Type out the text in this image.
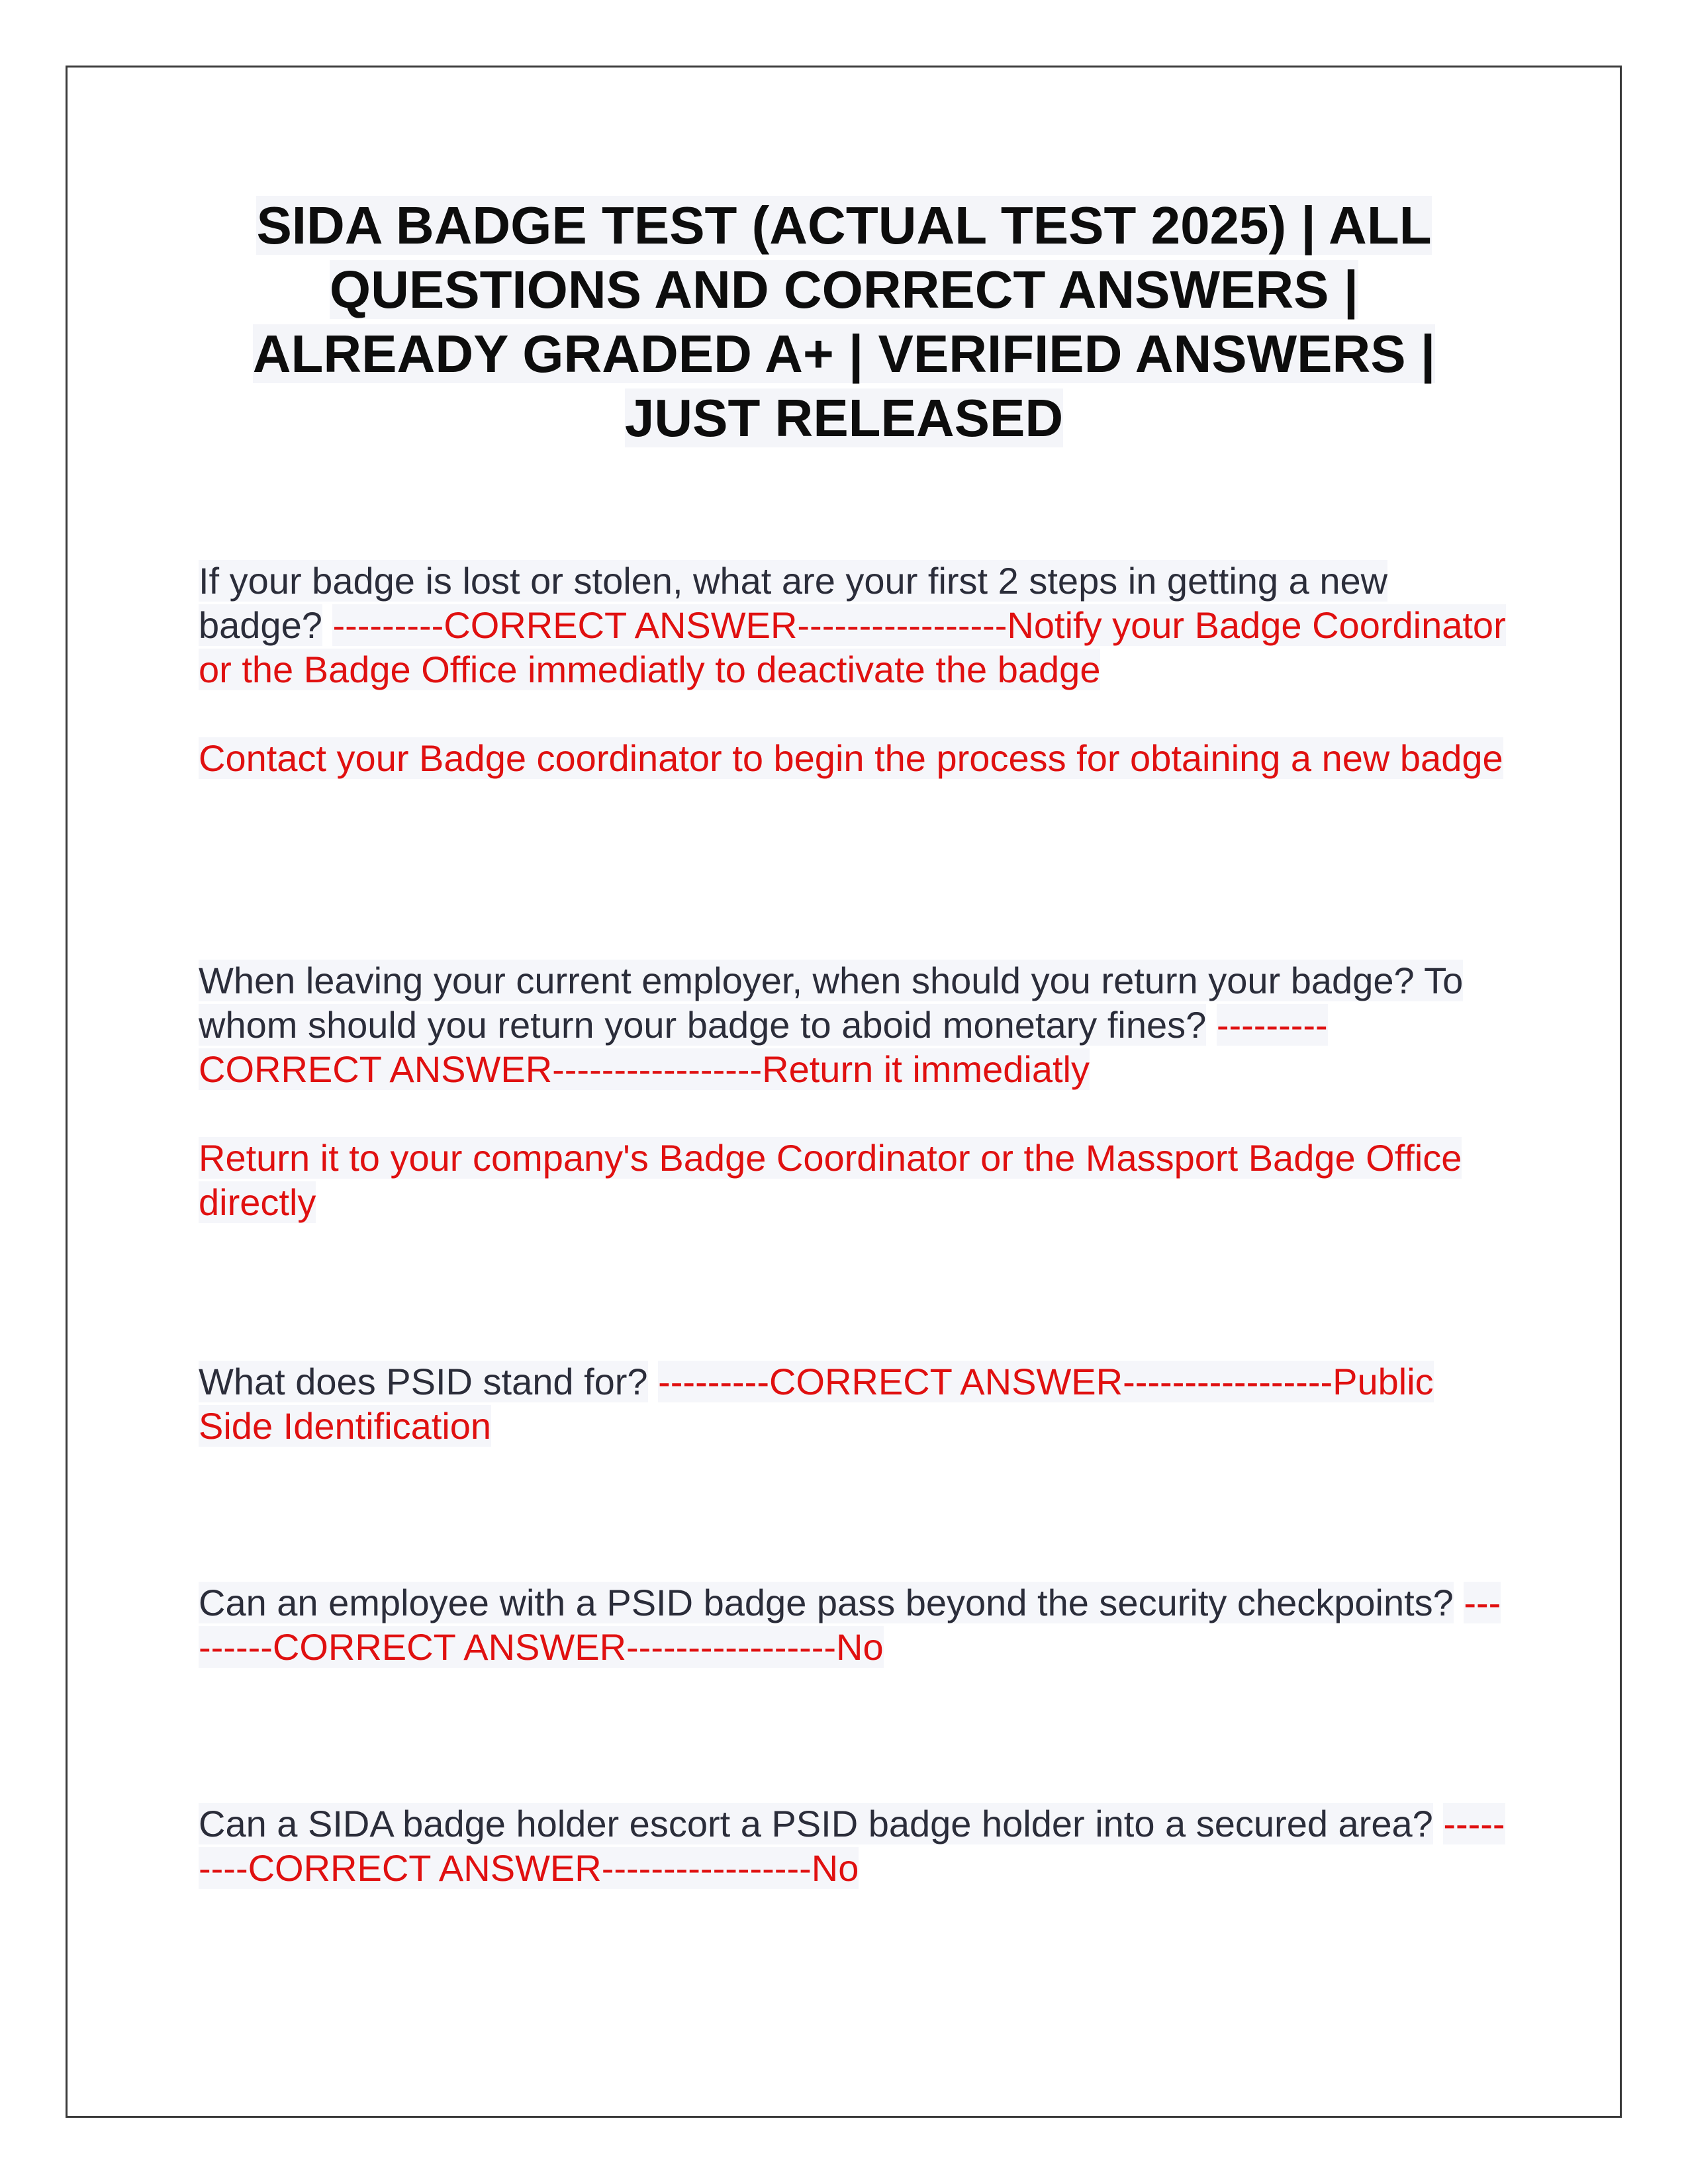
SIDA BADGE TEST (ACTUAL TEST 2025) | ALL QUESTIONS AND CORRECT ANSWERS | ALREADY GRADED A+ | VERIFIED ANSWERS | JUST RELEASED
If your badge is lost or stolen, what are your first 2 steps in getting a new badge? ---------CORRECT ANSWER-----------------Notify your Badge Coordinator or the Badge Office immediatly to deactivate the badge
Contact your Badge coordinator to begin the process for obtaining a new badge
When leaving your current employer, when should you return your badge? To whom should you return your badge to aboid monetary fines? ---------CORRECT ANSWER-----------------Return it immediatly
Return it to your company's Badge Coordinator or the Massport Badge Office directly
What does PSID stand for? ---------CORRECT ANSWER-----------------Public Side Identification
Can an employee with a PSID badge pass beyond the security checkpoints? ---------CORRECT ANSWER-----------------No
Can a SIDA badge holder escort a PSID badge holder into a secured area? ---------CORRECT ANSWER-----------------No
